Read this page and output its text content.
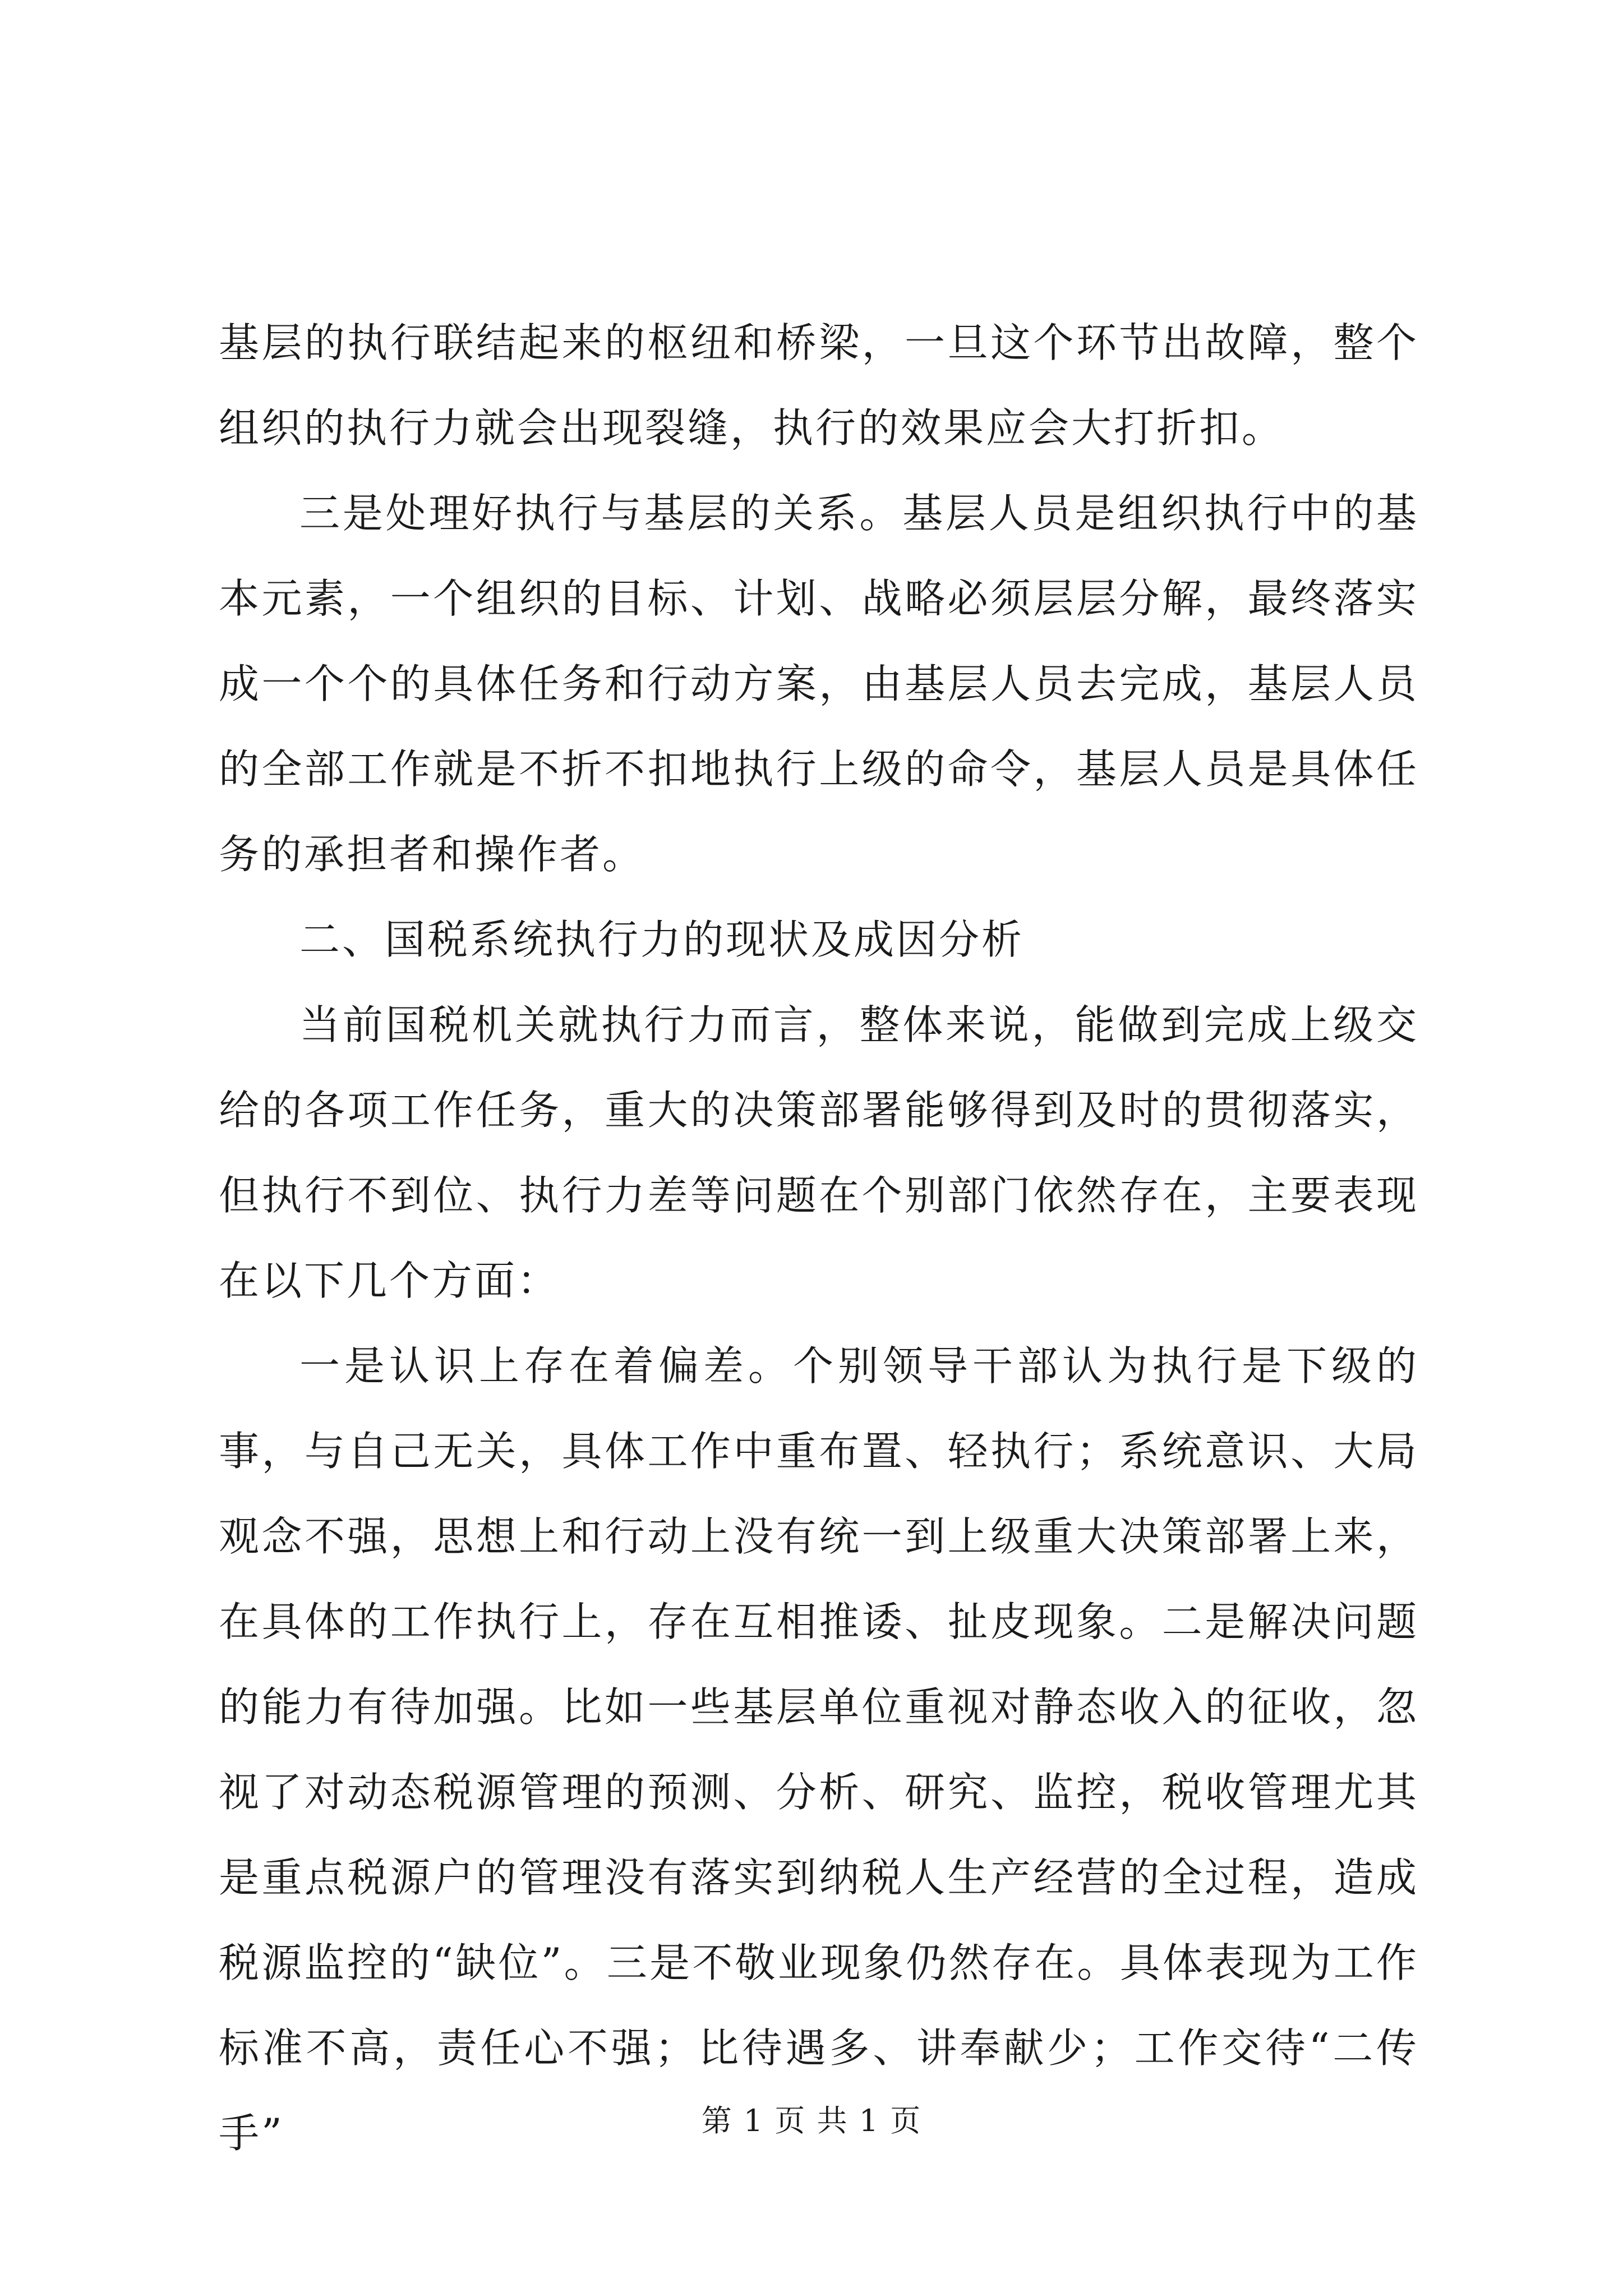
基层的执行联结起来的枢纽和桥梁，一旦这个环节出故障，整个组织的执行力就会出现裂缝，执行的效果应会大打折扣。

三是处理好执行与基层的关系。基层人员是组织执行中的基本元素，一个组织的目标、计划、战略必须层层分解，最终落实成一个个的具体任务和行动方案，由基层人员去完成，基层人员的全部工作就是不折不扣地执行上级的命令，基层人员是具体任务的承担者和操作者。

二、国税系统执行力的现状及成因分析

当前国税机关就执行力而言，整体来说，能做到完成上级交给的各项工作任务，重大的决策部署能够得到及时的贯彻落实，但执行不到位、执行力差等问题在个别部门依然存在，主要表现在以下几个方面：

一是认识上存在着偏差。个别领导干部认为执行是下级的事，与自己无关，具体工作中重布置、轻执行；系统意识、大局观念不强，思想上和行动上没有统一到上级重大决策部署上来，在具体的工作执行上，存在互相推诿、扯皮现象。二是解决问题的能力有待加强。比如一些基层单位重视对静态收入的征收，忽视了对动态税源管理的预测、分析、研究、监控，税收管理尤其是重点税源户的管理没有落实到纳税人生产经营的全过程，造成税源监控的“缺位”。三是不敬业现象仍然存在。具体表现为工作标准不高，责任心不强；比待遇多、讲奉献少；工作交待“二传手”	第 1 页 共 1 页
